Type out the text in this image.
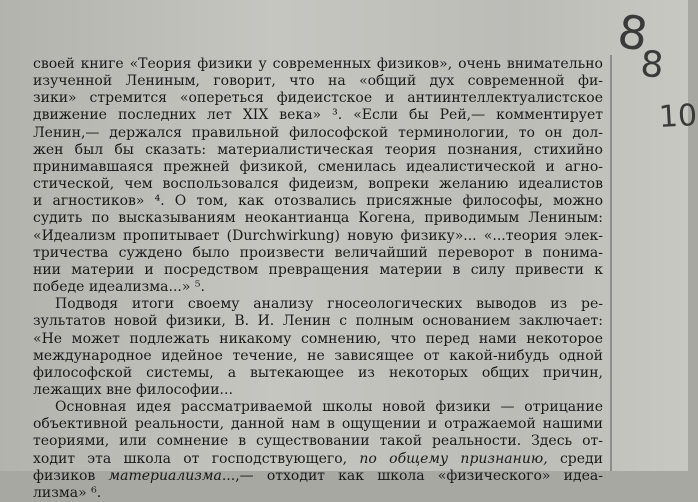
8
8
10
своей книге «Теория физики у современных физиков», очень внимательно
изученной Лениным, говорит, что на «общий дух современной фи-
зики» стремится «опереться фидеистское и антиинтеллектуалистское
движение последних лет XIX века» ³. «Если бы Рей,— комментирует
Ленин,— держался правильной философской терминологии, то он дол-
жен был бы сказать: материалистическая теория познания, стихийно
принимавшаяся прежней физикой, сменилась идеалистической и агно-
стической, чем воспользовался фидеизм, вопреки желанию идеалистов
и агностиков» ⁴. О том, как отозвались присяжные философы, можно
судить по высказываниям неокантианца Когена, приводимым Лениным:
«Идеализм пропитывает (Durchwirkung) новую физику»... «...теория элек-
тричества суждено было произвести величайший переворот в понима-
нии материи и посредством превращения материи в силу привести к
победе идеализма...» ⁵.
Подводя итоги своему анализу гносеологических выводов из ре-
зультатов новой физики, В. И. Ленин с полным основанием заключает:
«Не может подлежать никакому сомнению, что перед нами некоторое
международное идейное течение, не зависящее от какой-нибудь одной
философской системы, а вытекающее из некоторых общих причин,
лежащих вне философии...
Основная идея рассматриваемой школы новой физики — отрицание
объективной реальности, данной нам в ощущении и отражаемой нашими
теориями, или сомнение в существовании такой реальности. Здесь от-
ходит эта школа от господствующего, по общему признанию, среди
физиков материализма...,— отходит как школа «физического» идеа-
лизма» ⁶.
